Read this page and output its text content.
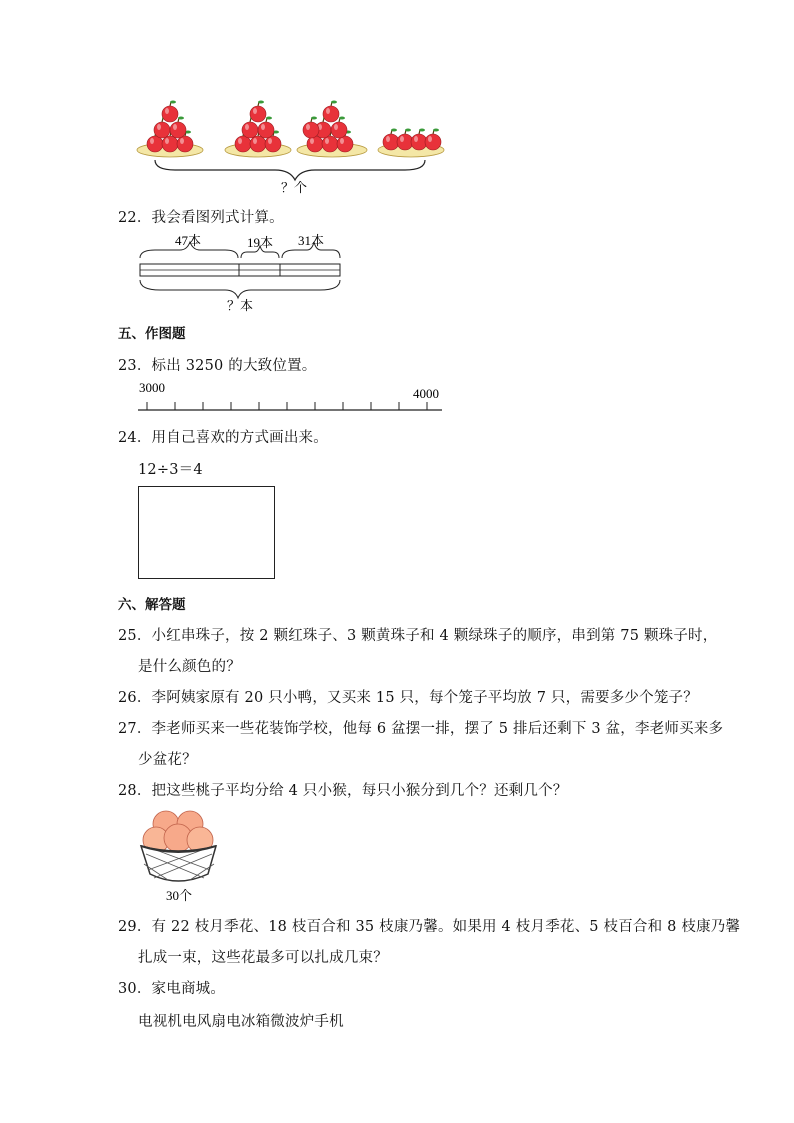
？个
22．我会看图列式计算。
47本	19本 31本
？本
五、作图题
23．标出 3250 的大致位置。
3000	4000
24．用自己喜欢的方式画出来。
12÷3＝4
六、解答题
25．小红串珠子，按 2 颗红珠子、3 颗黄珠子和 4 颗绿珠子的顺序，串到第 75 颗珠子时，
是什么颜色的？
26．李阿姨家原有 20 只小鸭，又买来 15 只，每个笼子平均放 7 只，需要多少个笼子？
27．李老师买来一些花装饰学校，他每 6 盆摆一排，摆了 5 排后还剩下 3 盆，李老师买来多
少盆花？
28．把这些桃子平均分给 4 只小猴，每只小猴分到几个？还剩几个？
30个
29．有 22 枝月季花、18 枝百合和 35 枝康乃馨。如果用 4 枝月季花、5 枝百合和 8 枝康乃馨
扎成一束，这些花最多可以扎成几束？
30．家电商城。
电视机电风扇电冰箱微波炉手机
